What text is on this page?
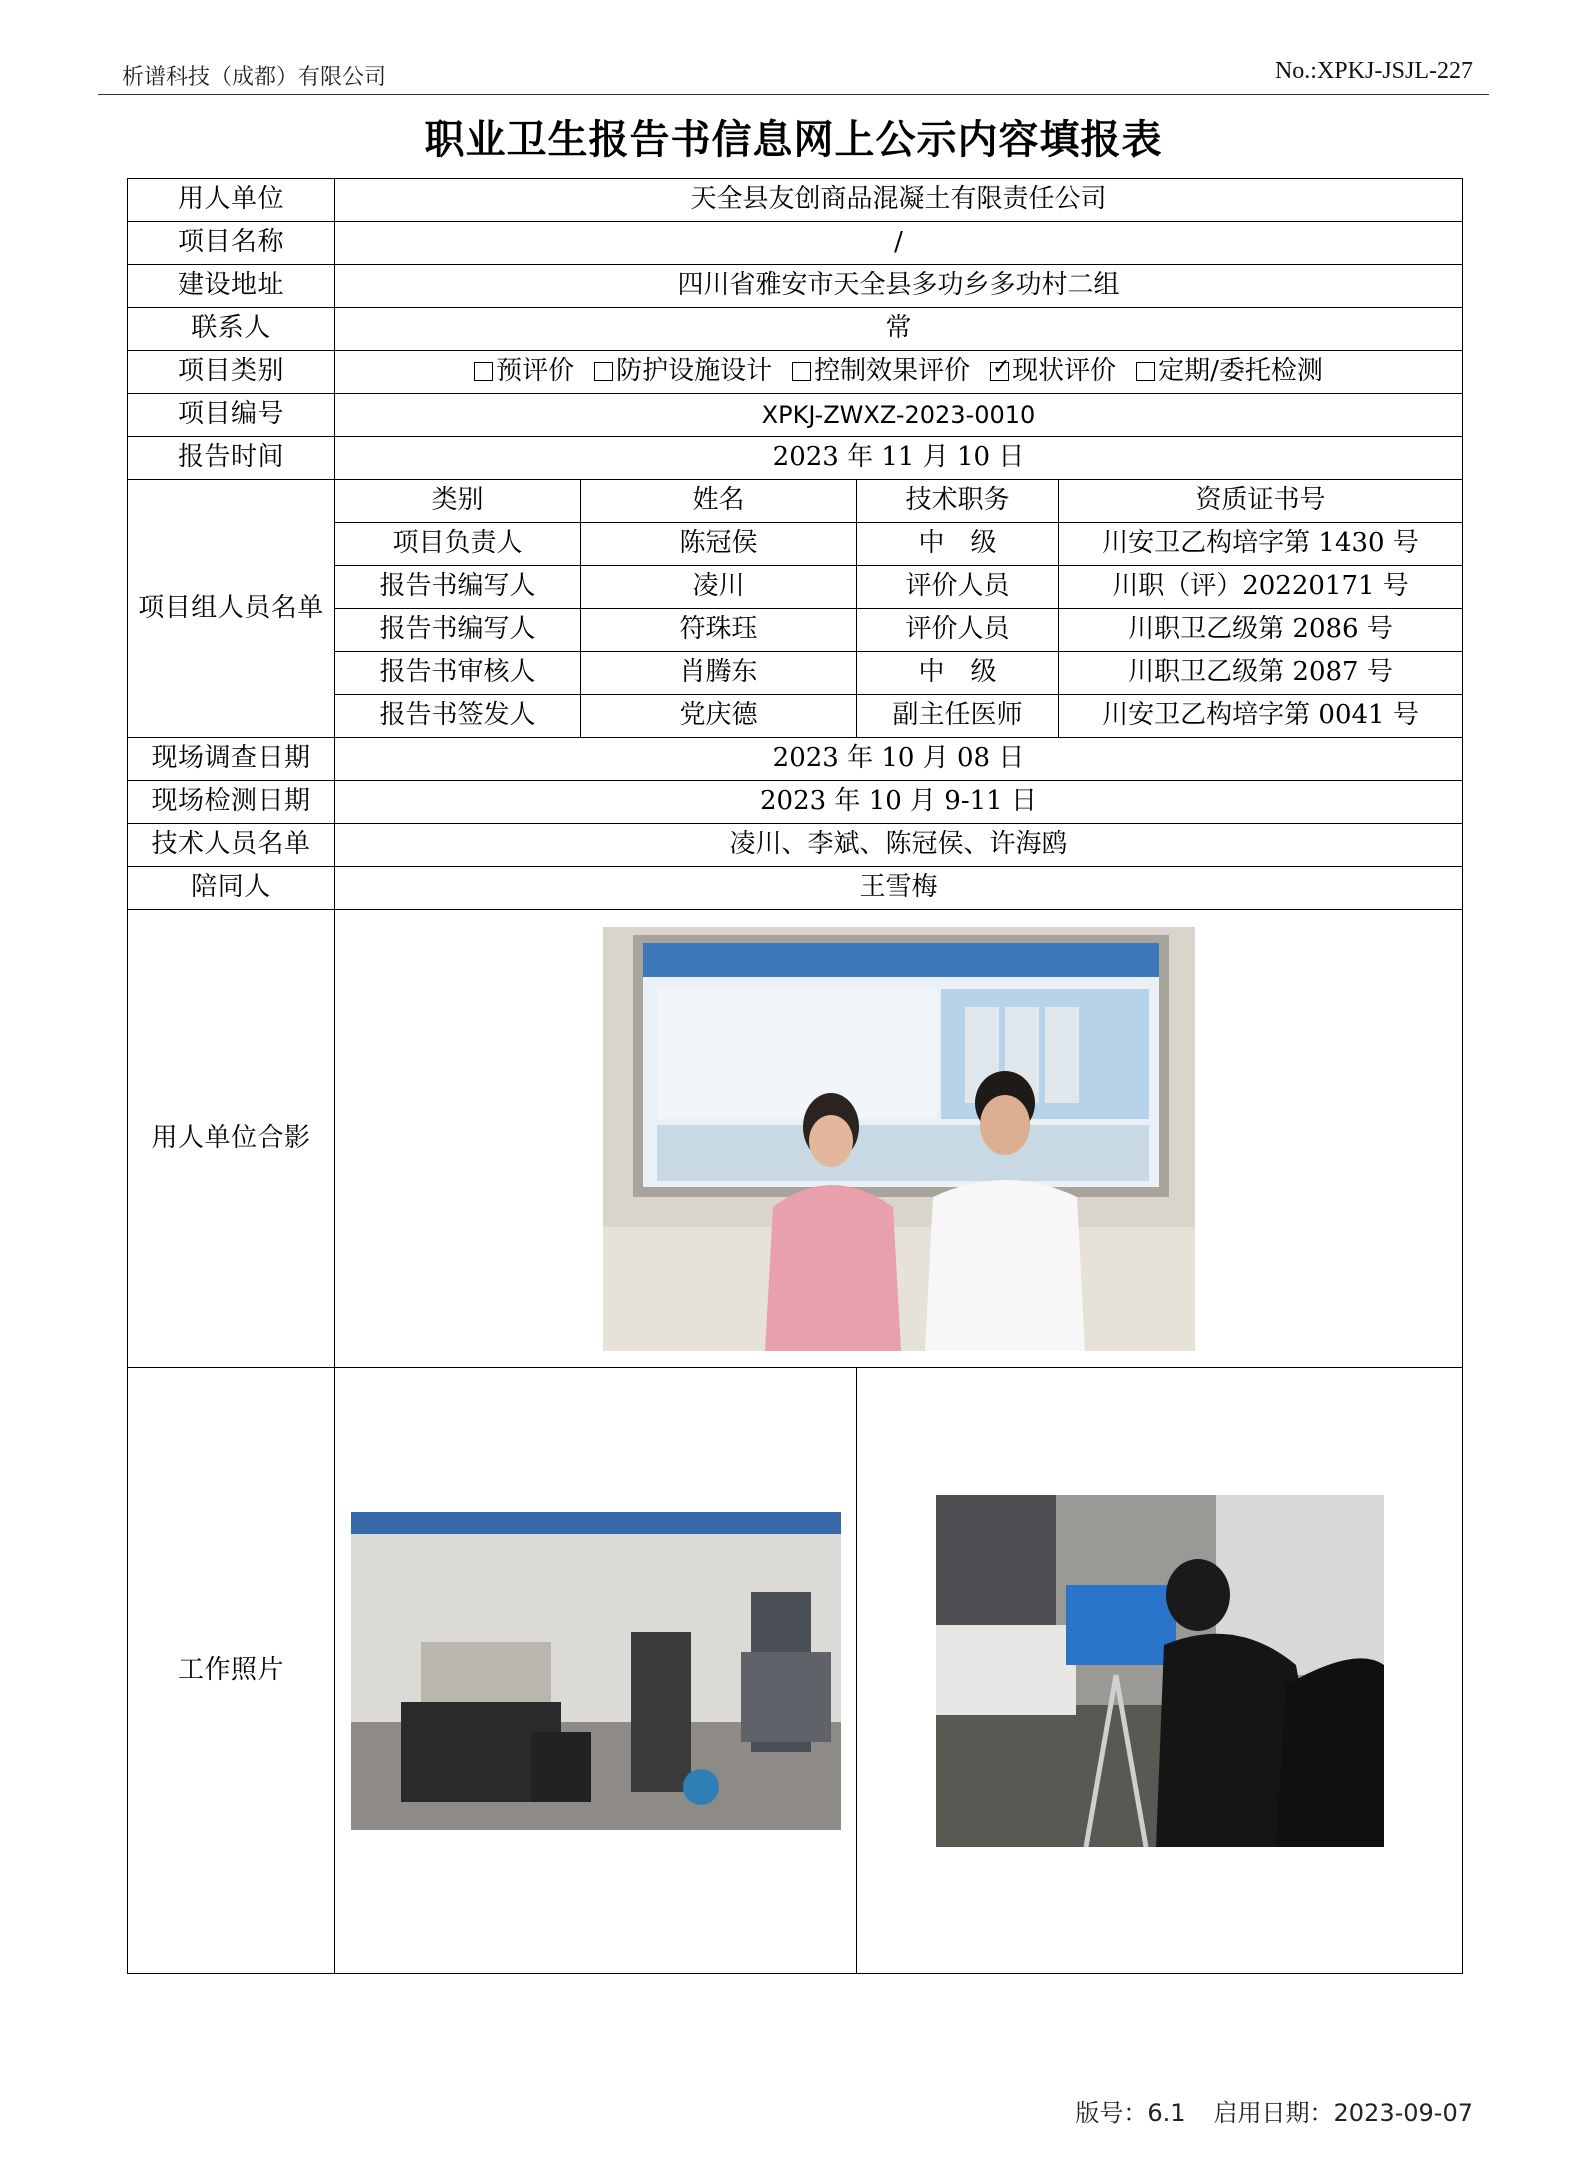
析谱科技（成都）有限公司	No.:XPKJ-JSJL-227
职业卫生报告书信息网上公示内容填报表
用人单位	天全县友创商品混凝土有限责任公司			
项目名称	/			
建设地址	四川省雅安市天全县多功乡多功村二组			
联系人	常			
项目类别	预评价 防护设施设计 控制效果评价 ✓ 现状评价 定期/委托检测
项目编号	XPKJ-ZWXZ-2023-0010			
报告时间	2023 年 11 月 10 日			
项目组人员名单	类别	姓名	技术职务	资质证书号
	项目负责人	陈冠侯	中　级	川安卫乙构培字第 1430 号
	报告书编写人	凌川	评价人员	川职（评）20220171 号
	报告书编写人	符珠珏	评价人员	川职卫乙级第 2086 号
	报告书审核人	肖腾东	中　级	川职卫乙级第 2087 号
	报告书签发人	党庆德	副主任医师	川安卫乙构培字第 0041 号
现场调查日期	2023 年 10 月 08 日			
现场检测日期	2023 年 10 月 9-11 日			
技术人员名单	凌川、李斌、陈冠侯、许海鸥			
陪同人	王雪梅			
用人单位合影	

工作照片	

版号：6.1 启用日期：2023-09-07
